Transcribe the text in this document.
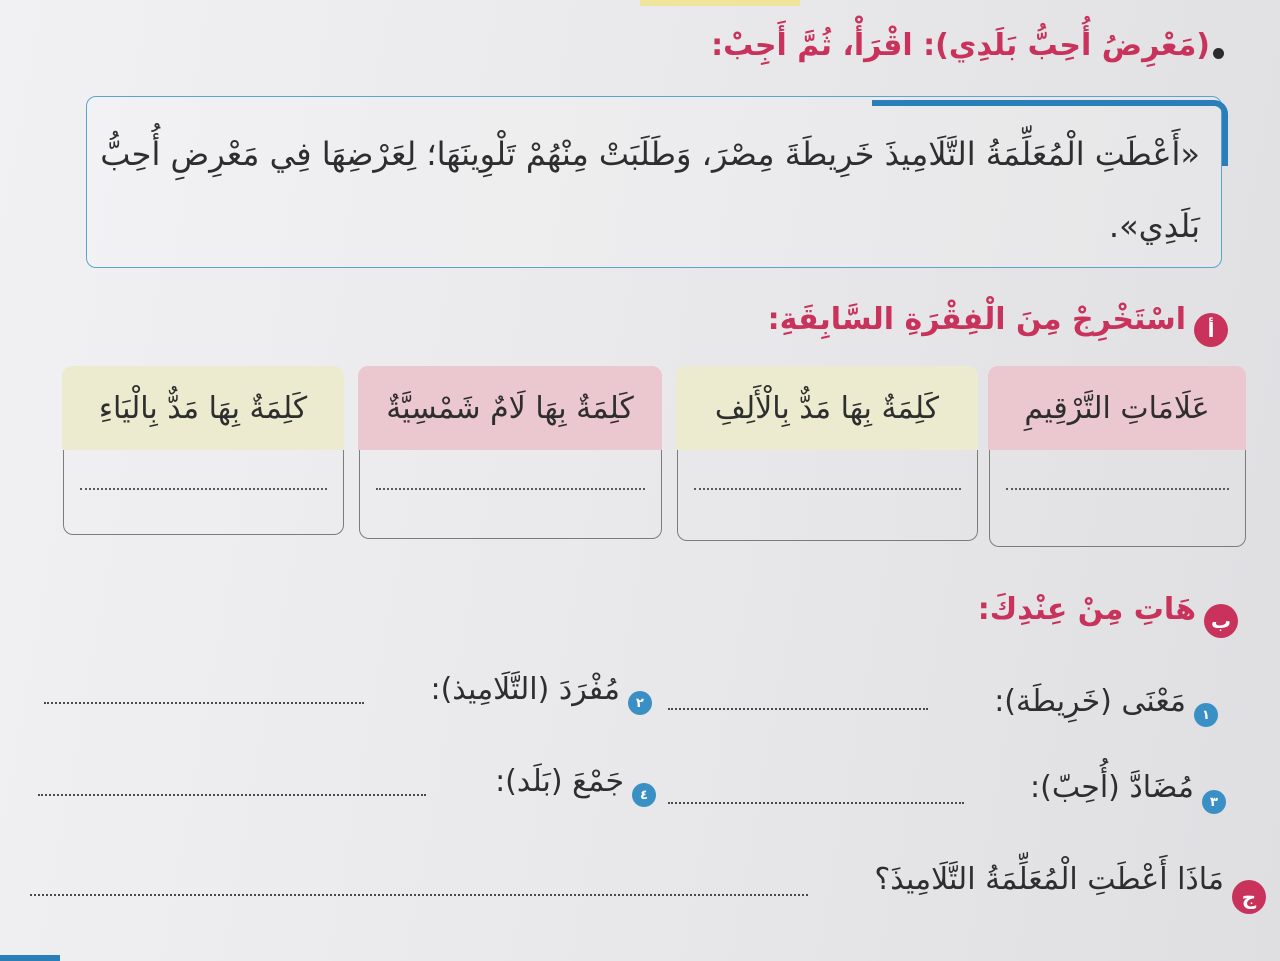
(مَعْرِضُ أُحِبُّ بَلَدِي): اقْرَأْ، ثُمَّ أَجِبْ:
«أَعْطَتِ الْمُعَلِّمَةُ التَّلَامِيذَ خَرِيطَةَ مِصْرَ، وَطَلَبَتْ مِنْهُمْ تَلْوِينَهَا؛ لِعَرْضِهَا فِي مَعْرِضِ أُحِبُّ بَلَدِي».
أ
اسْتَخْرِجْ مِنَ الْفِقْرَةِ السَّابِقَةِ:
عَلَامَاتِ التَّرْقِيمِ
كَلِمَةٌ بِهَا مَدٌّ بِالْأَلِفِ
كَلِمَةٌ بِهَا لَامٌ شَمْسِيَّةٌ
كَلِمَةٌ بِهَا مَدٌّ بِالْيَاءِ
ب
هَاتِ مِنْ عِنْدِكَ:
١
مَعْنَى (خَرِيطَة):
٢
مُفْرَدَ (التَّلَامِيذ):
٣
مُضَادَّ (أُحِبّ):
٤
جَمْعَ (بَلَد):
ج
مَاذَا أَعْطَتِ الْمُعَلِّمَةُ التَّلَامِيذَ؟
